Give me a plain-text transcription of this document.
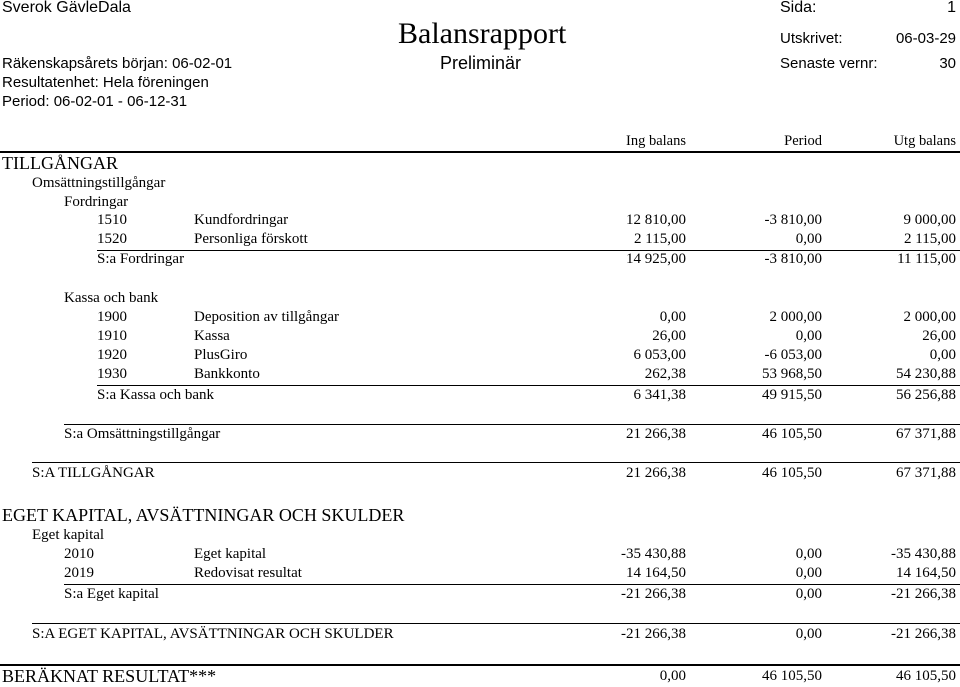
Sverok GävleDala	Sida:	1
Balansrapport	Utskrivet:	06-03-29
Räkenskapsårets början: 06-02-01	Preliminär	Senaste vernr:	30
Resultatenhet: Hela föreningen
Period: 06-02-01 - 06-12-31
Ing balans	Period	Utg balans
TILLGÅNGAR
Omsättningstillgångar
Fordringar
1510	Kundfordringar	12 810,00	-3 810,00	9 000,00
1520	Personliga förskott	2 115,00	0,00	2 115,00
S:a Fordringar	14 925,00	-3 810,00	11 115,00
Kassa och bank
1900	Deposition av tillgångar	0,00	2 000,00	2 000,00
1910	Kassa	26,00	0,00	26,00
1920	PlusGiro	6 053,00	-6 053,00	0,00
1930	Bankkonto	262,38	53 968,50	54 230,88
S:a Kassa och bank	6 341,38	49 915,50	56 256,88
S:a Omsättningstillgångar	21 266,38	46 105,50	67 371,88
S:A TILLGÅNGAR	21 266,38	46 105,50	67 371,88
EGET KAPITAL, AVSÄTTNINGAR OCH SKULDER
Eget kapital
2010	Eget kapital	-35 430,88	0,00	-35 430,88
2019	Redovisat resultat	14 164,50	0,00	14 164,50
S:a Eget kapital	-21 266,38	0,00	-21 266,38
S:A EGET KAPITAL, AVSÄTTNINGAR OCH SKULDER	-21 266,38	0,00	-21 266,38
BERÄKNAT RESULTAT***	0,00	46 105,50	46 105,50
